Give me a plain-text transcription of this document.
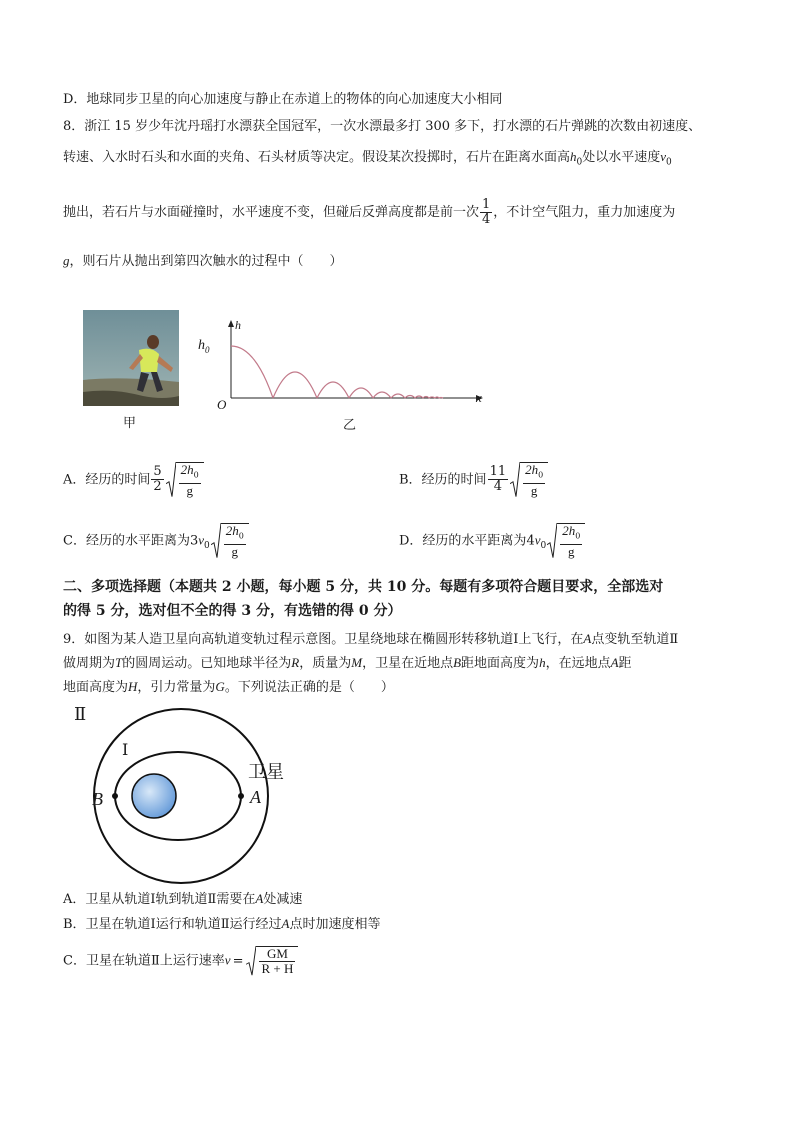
D．地球同步卫星的向心加速度与静止在赤道上的物体的向心加速度大小相同
8．浙江 15 岁少年沈丹瑶打水漂获全国冠军，一次水漂最多打 300 多下，打水漂的石片弹跳的次数由初速度、
转速、入水时石头和水面的夹角、石头材质等决定。假设某次投掷时，石片在距离水面高$h_0$处以水平速度$v_0$
抛出，若石片与水面碰撞时，水平速度不变，但碰后反弹高度都是前一次 $\frac{1}{4}$ ，不计空气阻力，重力加速度为
g，则石片从抛出到第四次触水的过程中（　　）
甲
h
$h_0$
O	x
乙
A．经历的时间 $\frac{5}{2} \frac{2h_0}{g}$	B．经历的时间 $\frac{11}{4} \frac{2h_0}{g}$
C．经历的水平距离为$3v_0 \frac{2h_0}{g}$	D．经历的水平距离为$4v_0 \frac{2h_0}{g}$
二、多项选择题（本题共 2 小题，每小题 5 分，共 10 分。每题有多项符合题目要求，全部选对
的得 5 分，选对但不全的得 3 分，有选错的得 0 分）
9．如图为某人造卫星向高轨道变轨过程示意图。卫星绕地球在椭圆形转移轨道Ⅰ上飞行，在A点变轨至轨道Ⅱ
做周期为T的圆周运动。已知地球半径为R，质量为M，卫星在近地点B距地面高度为h，在远地点A距
地面高度为H，引力常量为G。下列说法正确的是（　　）
Ⅱ
Ⅰ
卫星
B	A
A．卫星从轨道Ⅰ轨到轨道Ⅱ需要在A处减速
B．卫星在轨道Ⅰ运行和轨道Ⅱ运行经过A点时加速度相等
C．卫星在轨道Ⅱ上运行速率$v = \frac{GM}{R + H}$
